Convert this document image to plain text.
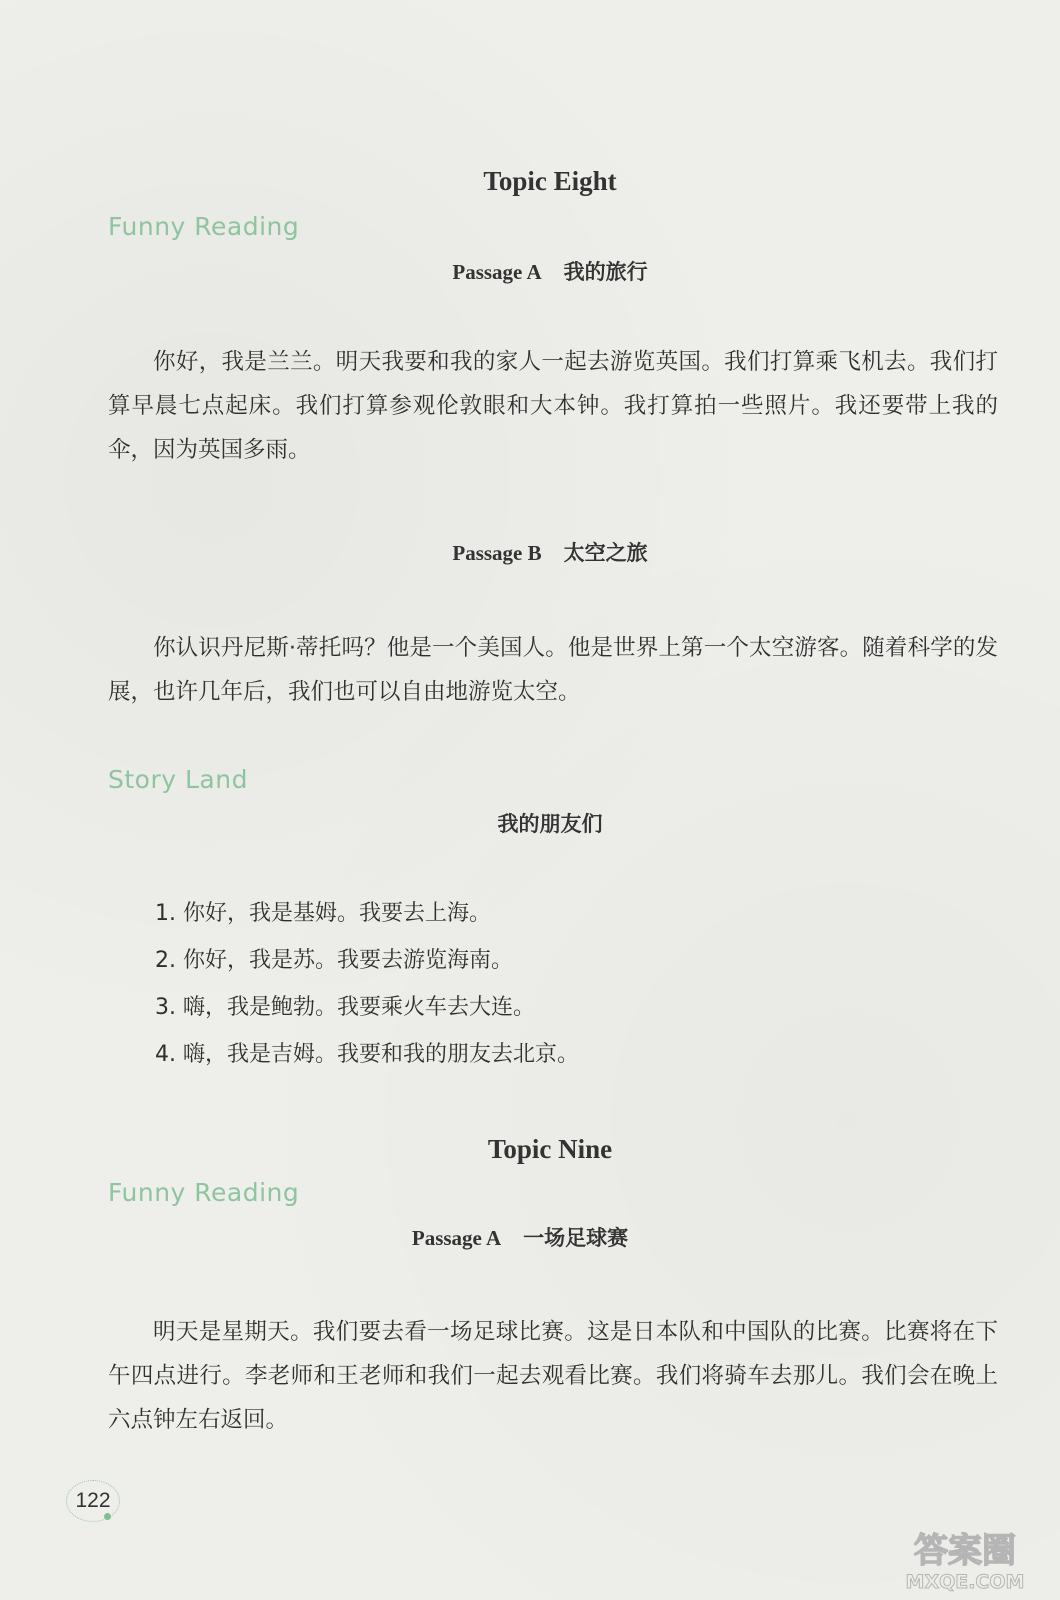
Topic Eight
Funny Reading
Passage A 我的旅行
你好，我是兰兰。明天我要和我的家人一起去游览英国。我们打算乘飞机去。我们打算早晨七点起床。我们打算参观伦敦眼和大本钟。我打算拍一些照片。我还要带上我的伞，因为英国多雨。
Passage B 太空之旅
你认识丹尼斯·蒂托吗？他是一个美国人。他是世界上第一个太空游客。随着科学的发展，也许几年后，我们也可以自由地游览太空。
Story Land
我的朋友们
1. 你好，我是基姆。我要去上海。
2. 你好，我是苏。我要去游览海南。
3. 嗨，我是鲍勃。我要乘火车去大连。
4. 嗨，我是吉姆。我要和我的朋友去北京。
Topic Nine
Funny Reading
Passage A 一场足球赛
明天是星期天。我们要去看一场足球比赛。这是日本队和中国队的比赛。比赛将在下午四点进行。李老师和王老师和我们一起去观看比赛。我们将骑车去那儿。我们会在晚上六点钟左右返回。
122
答案圈
MXQE.COM
